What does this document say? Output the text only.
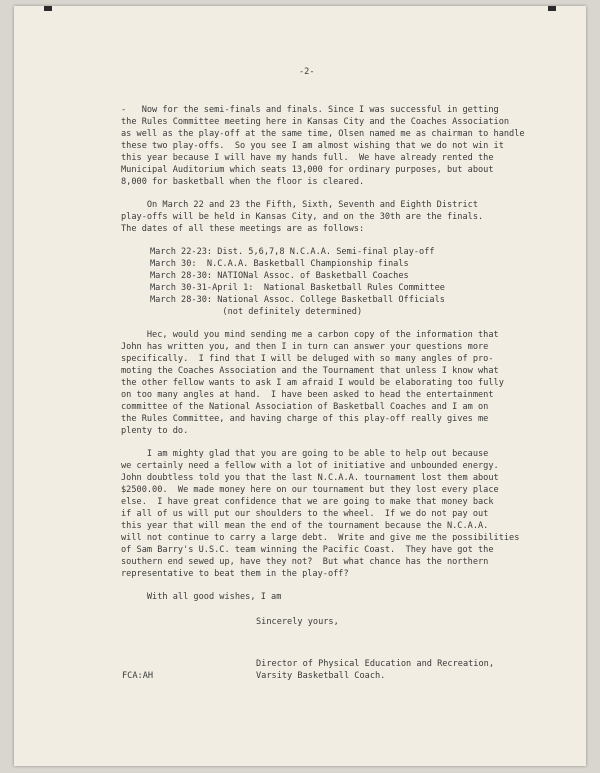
-2-
-   Now for the semi-finals and finals. Since I was successful in getting
the Rules Committee meeting here in Kansas City and the Coaches Association
as well as the play-off at the same time, Olsen named me as chairman to handle
these two play-offs.  So you see I am almost wishing that we do not win it
this year because I will have my hands full.  We have already rented the
Municipal Auditorium which seats 13,000 for ordinary purposes, but about
8,000 for basketball when the floor is cleared.
On March 22 and 23 the Fifth, Sixth, Seventh and Eighth District
play-offs will be held in Kansas City, and on the 30th are the finals.
The dates of all these meetings are as follows:
March 22-23: Dist. 5,6,7,8 N.C.A.A. Semi-final play-off
March 30:  N.C.A.A. Basketball Championship finals
March 28-30: NATIONal Assoc. of Basketball Coaches
March 30-31-April 1:  National Basketball Rules Committee
March 28-30: National Assoc. College Basketball Officials
(not definitely determined)
Hec, would you mind sending me a carbon copy of the information that
John has written you, and then I in turn can answer your questions more
specifically.  I find that I will be deluged with so many angles of pro-
moting the Coaches Association and the Tournament that unless I know what
the other fellow wants to ask I am afraid I would be elaborating too fully
on too many angles at hand.  I have been asked to head the entertainment
committee of the National Association of Basketball Coaches and I am on
the Rules Committee, and having charge of this play-off really gives me
plenty to do.
I am mighty glad that you are going to be able to help out because
we certainly need a fellow with a lot of initiative and unbounded energy.
John doubtless told you that the last N.C.A.A. tournament lost them about
$2500.00.  We made money here on our tournament but they lost every place
else.  I have great confidence that we are going to make that money back
if all of us will put our shoulders to the wheel.  If we do not pay out
this year that will mean the end of the tournament because the N.C.A.A.
will not continue to carry a large debt.  Write and give me the possibilities
of Sam Barry's U.S.C. team winning the Pacific Coast.  They have got the
southern end sewed up, have they not?  But what chance has the northern
representative to beat them in the play-off?
With all good wishes, I am
Sincerely yours,
Director of Physical Education and Recreation,
Varsity Basketball Coach.
FCA:AH
